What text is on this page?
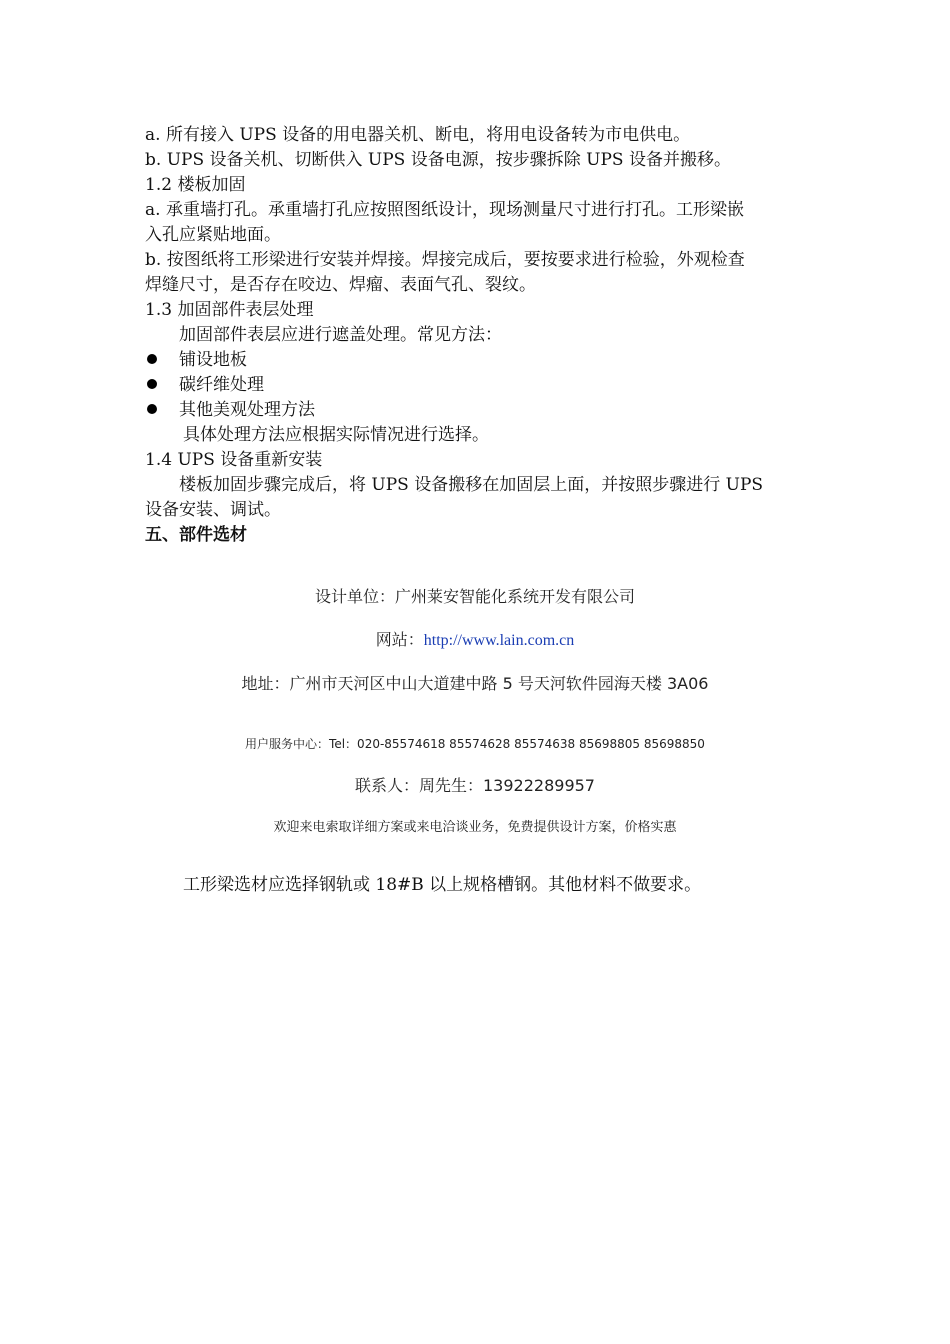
a. 所有接入 UPS 设备的用电器关机、断电，将用电设备转为市电供电。
b. UPS 设备关机、切断供入 UPS 设备电源，按步骤拆除 UPS 设备并搬移。
1.2 楼板加固
a. 承重墙打孔。承重墙打孔应按照图纸设计，现场测量尺寸进行打孔。工形梁嵌
入孔应紧贴地面。
b. 按图纸将工形梁进行安装并焊接。焊接完成后，要按要求进行检验，外观检查
焊缝尺寸，是否存在咬边、焊瘤、表面气孔、裂纹。
1.3 加固部件表层处理
加固部件表层应进行遮盖处理。常见方法：
铺设地板
碳纤维处理
其他美观处理方法
具体处理方法应根据实际情况进行选择。
1.4 UPS 设备重新安装
楼板加固步骤完成后，将 UPS 设备搬移在加固层上面，并按照步骤进行 UPS
设备安装、调试。
五、部件选材
设计单位：广州莱安智能化系统开发有限公司
网站：http://www.lain.com.cn
地址：广州市天河区中山大道建中路 5 号天河软件园海天楼 3A06
用户服务中心：Tel：020-85574618 85574628 85574638 85698805 85698850
联系人：周先生：13922289957
欢迎来电索取详细方案或来电洽谈业务，免费提供设计方案，价格实惠
工形梁选材应选择钢轨或 18#B 以上规格槽钢。其他材料不做要求。
